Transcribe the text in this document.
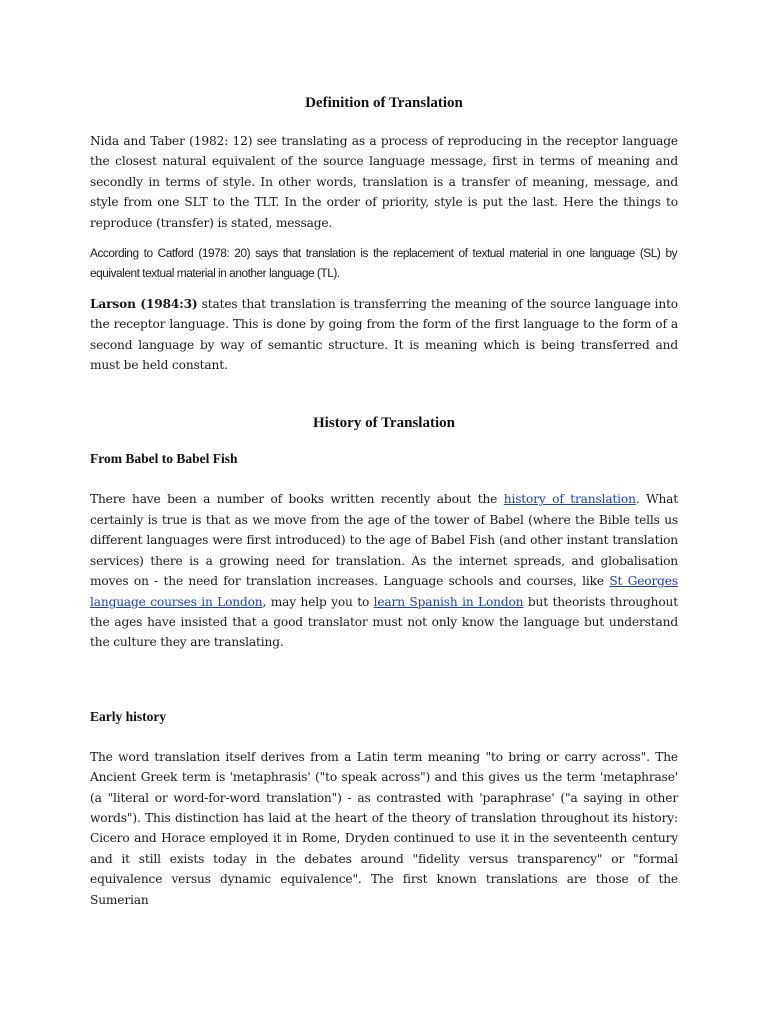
Definition of Translation

Nida and Taber (1982: 12) see translating as a process of reproducing in the receptor language the closest natural equivalent of the source language message, first in terms of meaning and secondly in terms of style. In other words, translation is a transfer of meaning, message, and style from one SLT to the TLT. In the order of priority, style is put the last. Here the things to reproduce (transfer) is stated, message.

According to Catford (1978: 20) says that translation is the replacement of textual material in one language (SL) by equivalent textual material in another language (TL).

Larson (1984:3) states that translation is transferring the meaning of the source language into the receptor language. This is done by going from the form of the first language to the form of a second language by way of semantic structure. It is meaning which is being transferred and must be held constant.

History of Translation
From Babel to Babel Fish

There have been a number of books written recently about the history of translation. What certainly is true is that as we move from the age of the tower of Babel (where the Bible tells us different languages were first introduced) to the age of Babel Fish (and other instant translation services) there is a growing need for translation. As the internet spreads, and globalisation moves on - the need for translation increases. Language schools and courses, like St Georges language courses in London, may help you to learn Spanish in London but theorists throughout the ages have insisted that a good translator must not only know the language but understand the culture they are translating.

Early history

The word translation itself derives from a Latin term meaning "to bring or carry across". The Ancient Greek term is 'metaphrasis' ("to speak across") and this gives us the term 'metaphrase' (a "literal or word-for-word translation") - as contrasted with 'paraphrase' ("a saying in other words"). This distinction has laid at the heart of the theory of translation throughout its history: Cicero and Horace employed it in Rome, Dryden continued to use it in the seventeenth century and it still exists today in the debates around "fidelity versus transparency" or "formal equivalence versus dynamic equivalence". The first known translations are those of the Sumerian
